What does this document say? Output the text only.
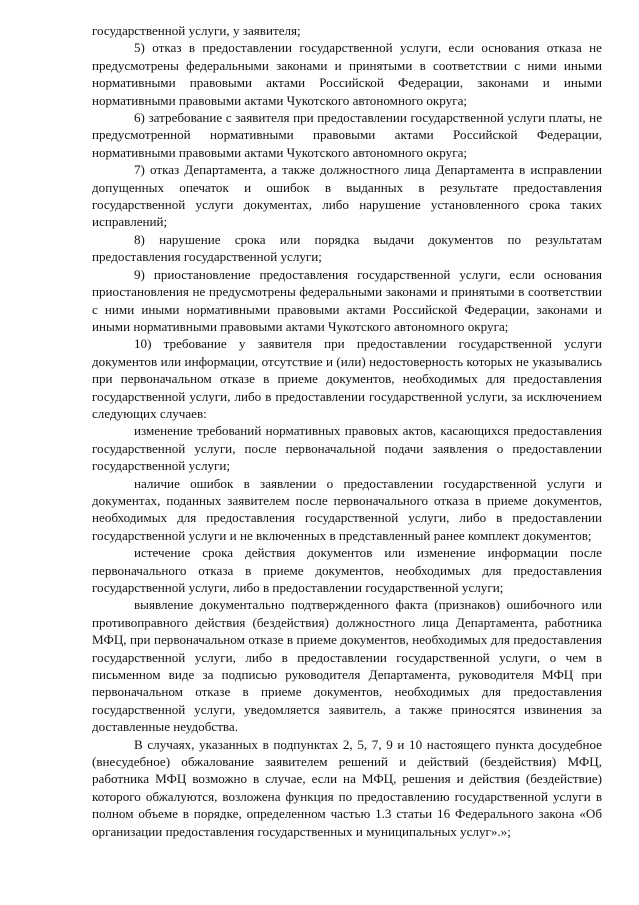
государственной услуги, у заявителя;

5) отказ в предоставлении государственной услуги, если основания отказа не предусмотрены федеральными законами и принятыми в соответствии с ними иными нормативными правовыми актами Российской Федерации, законами и иными нормативными правовыми актами Чукотского автономного округа;

6) затребование с заявителя при предоставлении государственной услуги платы, не предусмотренной нормативными правовыми актами Российской Федерации, нормативными правовыми актами Чукотского автономного округа;

7) отказ Департамента, а также должностного лица Департамента в исправлении допущенных опечаток и ошибок в выданных в результате предоставления государственной услуги документах, либо нарушение установленного срока таких исправлений;

8) нарушение срока или порядка выдачи документов по результатам предоставления государственной услуги;

9) приостановление предоставления государственной услуги, если основания приостановления не предусмотрены федеральными законами и принятыми в соответствии с ними иными нормативными правовыми актами Российской Федерации, законами и иными нормативными правовыми актами Чукотского автономного округа;

10) требование у заявителя при предоставлении государственной услуги документов или информации, отсутствие и (или) недостоверность которых не указывались при первоначальном отказе в приеме документов, необходимых для предоставления государственной услуги, либо в предоставлении государственной услуги, за исключением следующих случаев:

изменение требований нормативных правовых актов, касающихся предоставления государственной услуги, после первоначальной подачи заявления о предоставлении государственной услуги;

наличие ошибок в заявлении о предоставлении государственной услуги и документах, поданных заявителем после первоначального отказа в приеме документов, необходимых для предоставления государственной услуги, либо в предоставлении государственной услуги и не включенных в представленный ранее комплект документов;

истечение срока действия документов или изменение информации после первоначального отказа в приеме документов, необходимых для предоставления государственной услуги, либо в предоставлении государственной услуги;

выявление документально подтвержденного факта (признаков) ошибочного или противоправного действия (бездействия) должностного лица Департамента, работника МФЦ, при первоначальном отказе в приеме документов, необходимых для предоставления государственной услуги, либо в предоставлении государственной услуги, о чем в письменном виде за подписью руководителя Департамента, руководителя МФЦ при первоначальном отказе в приеме документов, необходимых для предоставления государственной услуги, уведомляется заявитель, а также приносятся извинения за доставленные неудобства.

В случаях, указанных в подпунктах 2, 5, 7, 9 и 10 настоящего пункта досудебное (внесудебное) обжалование заявителем решений и действий (бездействия) МФЦ, работника МФЦ возможно в случае, если на МФЦ, решения и действия (бездействие) которого обжалуются, возложена функция по предоставлению государственной услуги в полном объеме в порядке, определенном частью 1.3 статьи 16 Федерального закона «Об организации предоставления государственных и муниципальных услуг».»;
